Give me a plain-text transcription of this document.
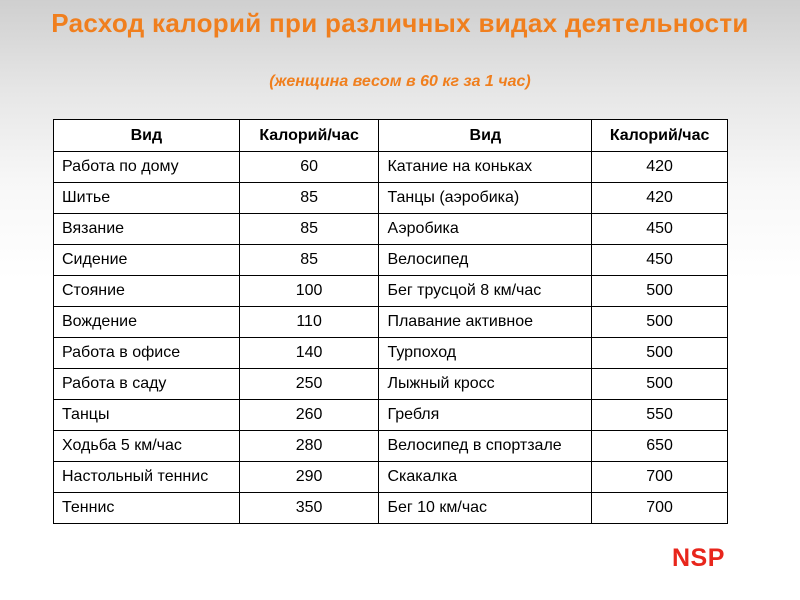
Расход калорий при различных видах деятельности
(женщина весом в 60 кг за 1 час)
Вид	Калорий/час	Вид	Калорий/час
Работа по дому	60	Катание на коньках	420
Шитье	85	Танцы (аэробика)	420
Вязание	85	Аэробика	450
Сидение	85	Велосипед	450
Стояние	100	Бег трусцой 8 км/час	500
Вождение	110	Плавание активное	500
Работа в офисе	140	Турпоход	500
Работа в саду	250	Лыжный кросс	500
Танцы	260	Гребля	550
Ходьба 5 км/час	280	Велосипед в спортзале	650
Настольный теннис	290	Скакалка	700
Теннис	350	Бег 10 км/час	700
NSP
